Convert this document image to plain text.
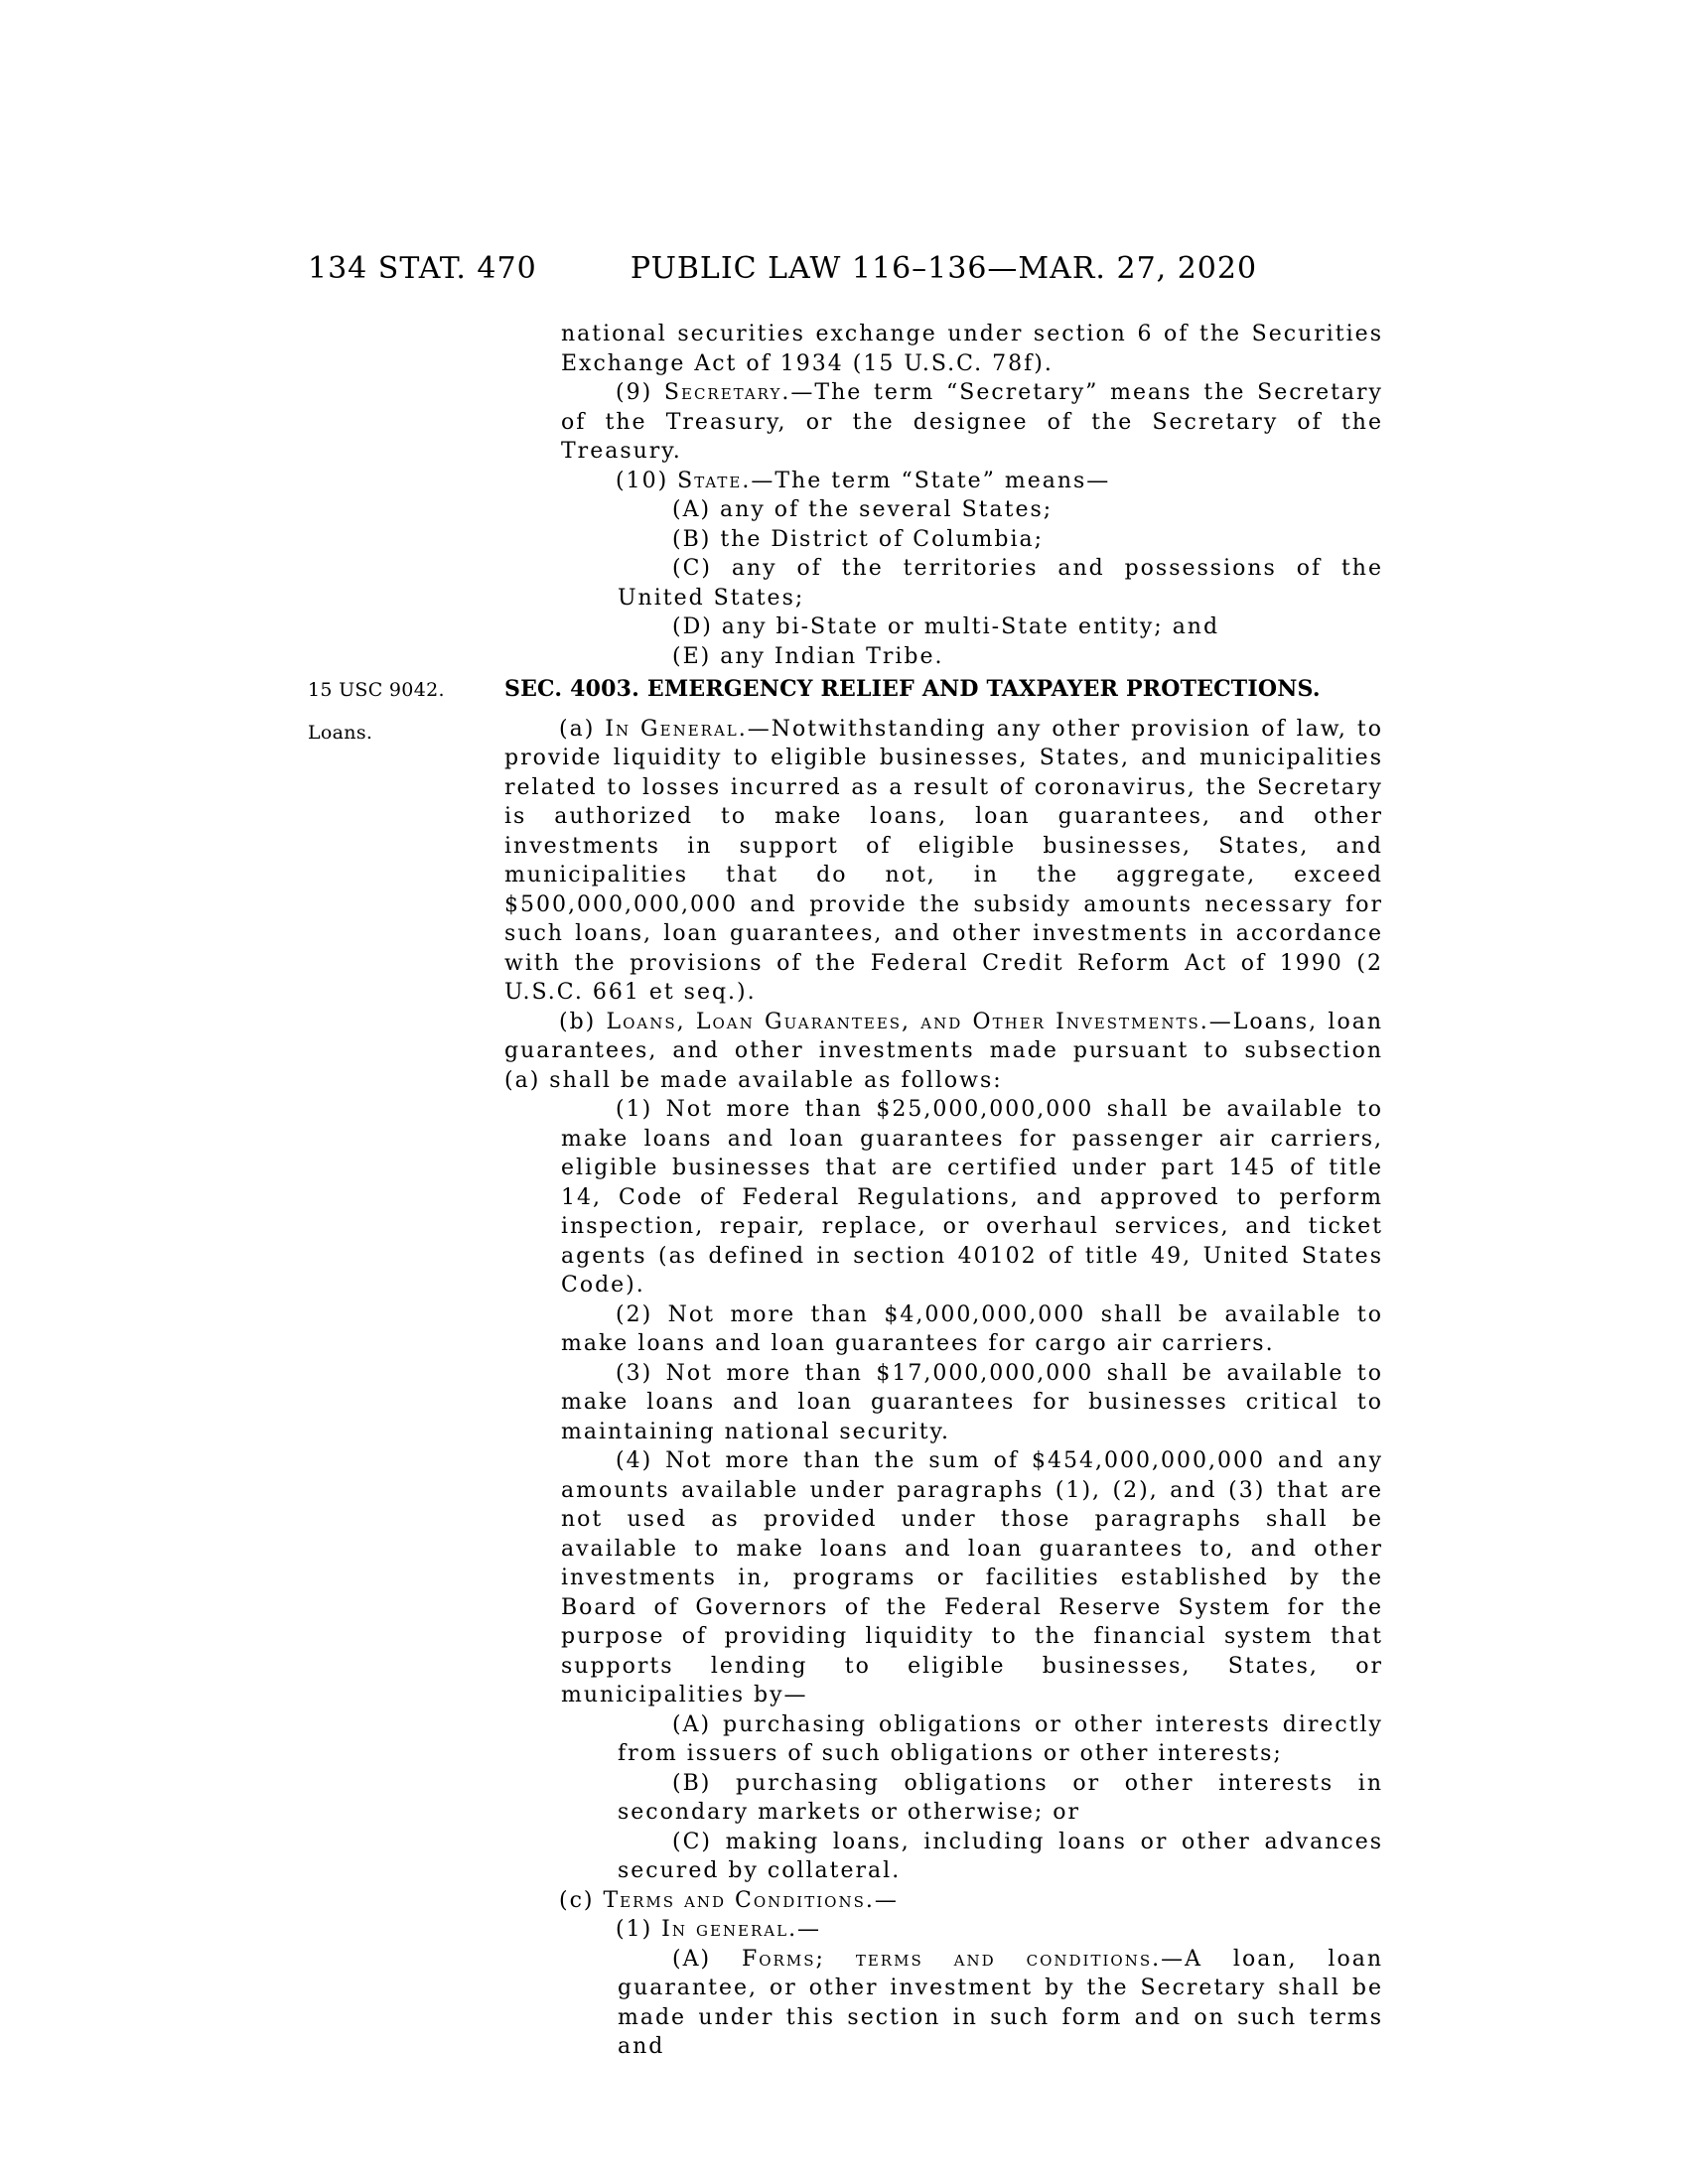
134 STAT. 470	PUBLIC LAW 116–136—MAR. 27, 2020
15 USC 9042.
Loans.
national securities exchange under section 6 of the Securities Exchange Act of 1934 (15 U.S.C. 78f).
(9) Secretary.—The term “Secretary” means the Secretary of the Treasury, or the designee of the Secretary of the Treasury.
(10) State.—The term “State” means—
(A) any of the several States;
(B) the District of Columbia;
(C) any of the territories and possessions of the United States;
(D) any bi-State or multi-State entity; and
(E) any Indian Tribe.
SEC. 4003. EMERGENCY RELIEF AND TAXPAYER PROTECTIONS.
(a) In General.—Notwithstanding any other provision of law, to provide liquidity to eligible businesses, States, and municipalities related to losses incurred as a result of coronavirus, the Secretary is authorized to make loans, loan guarantees, and other investments in support of eligible businesses, States, and municipalities that do not, in the aggregate, exceed $500,000,000,000 and provide the subsidy amounts necessary for such loans, loan guarantees, and other investments in accordance with the provisions of the Federal Credit Reform Act of 1990 (2 U.S.C. 661 et seq.).
(b) Loans, Loan Guarantees, and Other Investments.—Loans, loan guarantees, and other investments made pursuant to subsection (a) shall be made available as follows:
(1) Not more than $25,000,000,000 shall be available to make loans and loan guarantees for passenger air carriers, eligible businesses that are certified under part 145 of title 14, Code of Federal Regulations, and approved to perform inspection, repair, replace, or overhaul services, and ticket agents (as defined in section 40102 of title 49, United States Code).
(2) Not more than $4,000,000,000 shall be available to make loans and loan guarantees for cargo air carriers.
(3) Not more than $17,000,000,000 shall be available to make loans and loan guarantees for businesses critical to maintaining national security.
(4) Not more than the sum of $454,000,000,000 and any amounts available under paragraphs (1), (2), and (3) that are not used as provided under those paragraphs shall be available to make loans and loan guarantees to, and other investments in, programs or facilities established by the Board of Governors of the Federal Reserve System for the purpose of providing liquidity to the financial system that supports lending to eligible businesses, States, or municipalities by—
(A) purchasing obligations or other interests directly from issuers of such obligations or other interests;
(B) purchasing obligations or other interests in secondary markets or otherwise; or
(C) making loans, including loans or other advances secured by collateral.
(c) Terms and Conditions.—
(1) In general.—
(A) Forms; terms and conditions.—A loan, loan guarantee, or other investment by the Secretary shall be made under this section in such form and on such terms and
